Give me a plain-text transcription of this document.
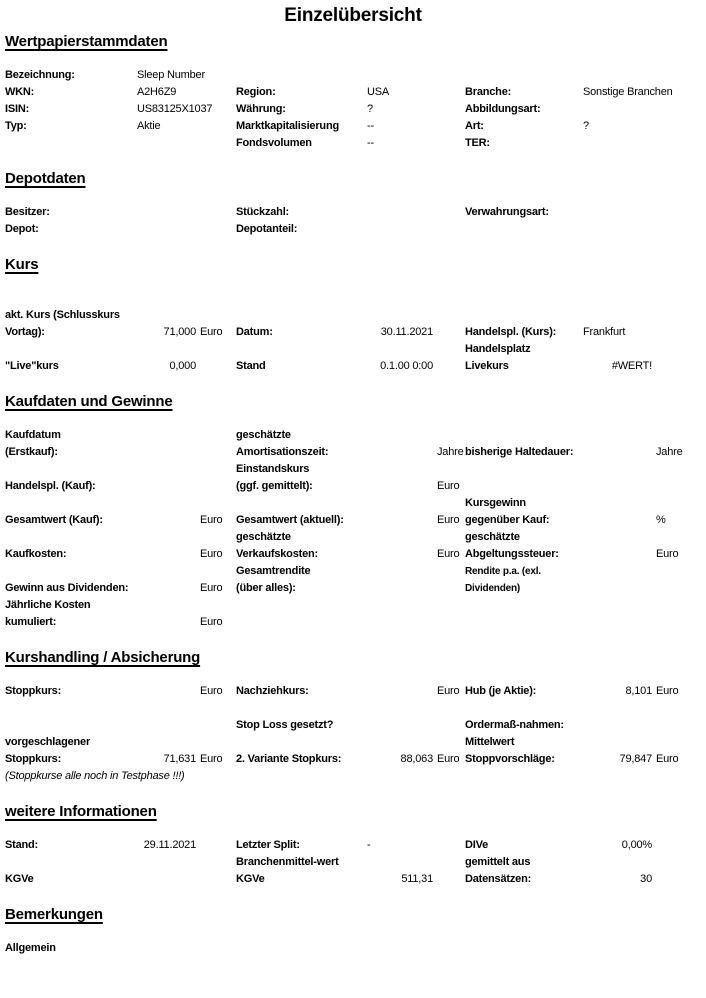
Einzelübersicht
Wertpapierstammdaten
Bezeichnung:	Sleep Number
WKN:	A2H6Z9	Region:	USA	Branche:	Sonstige Branchen
ISIN:	US83125X1037 Währung:	?	Abbildungsart:
Typ:	Aktie	Marktkapitalisierung	--	Art:	?
Fondsvolumen	--	TER:
Depotdaten
Besitzer:	Stückzahl:	Verwahrungsart:
Depot:	Depotanteil:
Kurs
akt. Kurs (Schlusskurs
Vortag):	71,000 Euro	Datum:	30.11.2021	Handelspl. (Kurs):	Frankfurt
Handelsplatz
"Live"kurs	0,000	Stand	0.1.00 0:00	Livekurs	#WERT!
Kaufdaten und Gewinne
Kaufdatum	geschätzte
(Erstkauf):	Amortisationszeit:	Jahre bisherige Haltedauer:	Jahre
Einstandskurs
Handelspl. (Kauf):	(ggf. gemittelt):	Euro
Kursgewinn
Gesamtwert (Kauf):	Euro	Gesamtwert (aktuell):	Euro gegenüber Kauf:	%
geschätzte	geschätzte
Kaufkosten:	Euro	Verkaufskosten:	Euro Abgeltungssteuer:	Euro
Gesamtrendite	Rendite p.a. (exl.
Gewinn aus Dividenden:	Euro	(über alles):	Dividenden)
Jährliche Kosten
kumuliert:	Euro
Kurshandling / Absicherung
Stoppkurs:	Euro	Nachziehkurs:	Euro Hub (je Aktie):	8,101 Euro
Stop Loss gesetzt?	Ordermaß-nahmen:
vorgeschlagener	Mittelwert
Stoppkurs:	71,631 Euro	2. Variante Stopkurs:	88,063 Euro Stoppvorschläge:	79,847 Euro
(Stoppkurse alle noch in Testphase !!!)
weitere Informationen
Stand:	29.11.2021	Letzter Split:	-	DIVe	0,00%
Branchenmittel-wert	gemittelt aus
KGVe	KGVe	511,31	Datensätzen:	30
Bemerkungen
Allgemein
